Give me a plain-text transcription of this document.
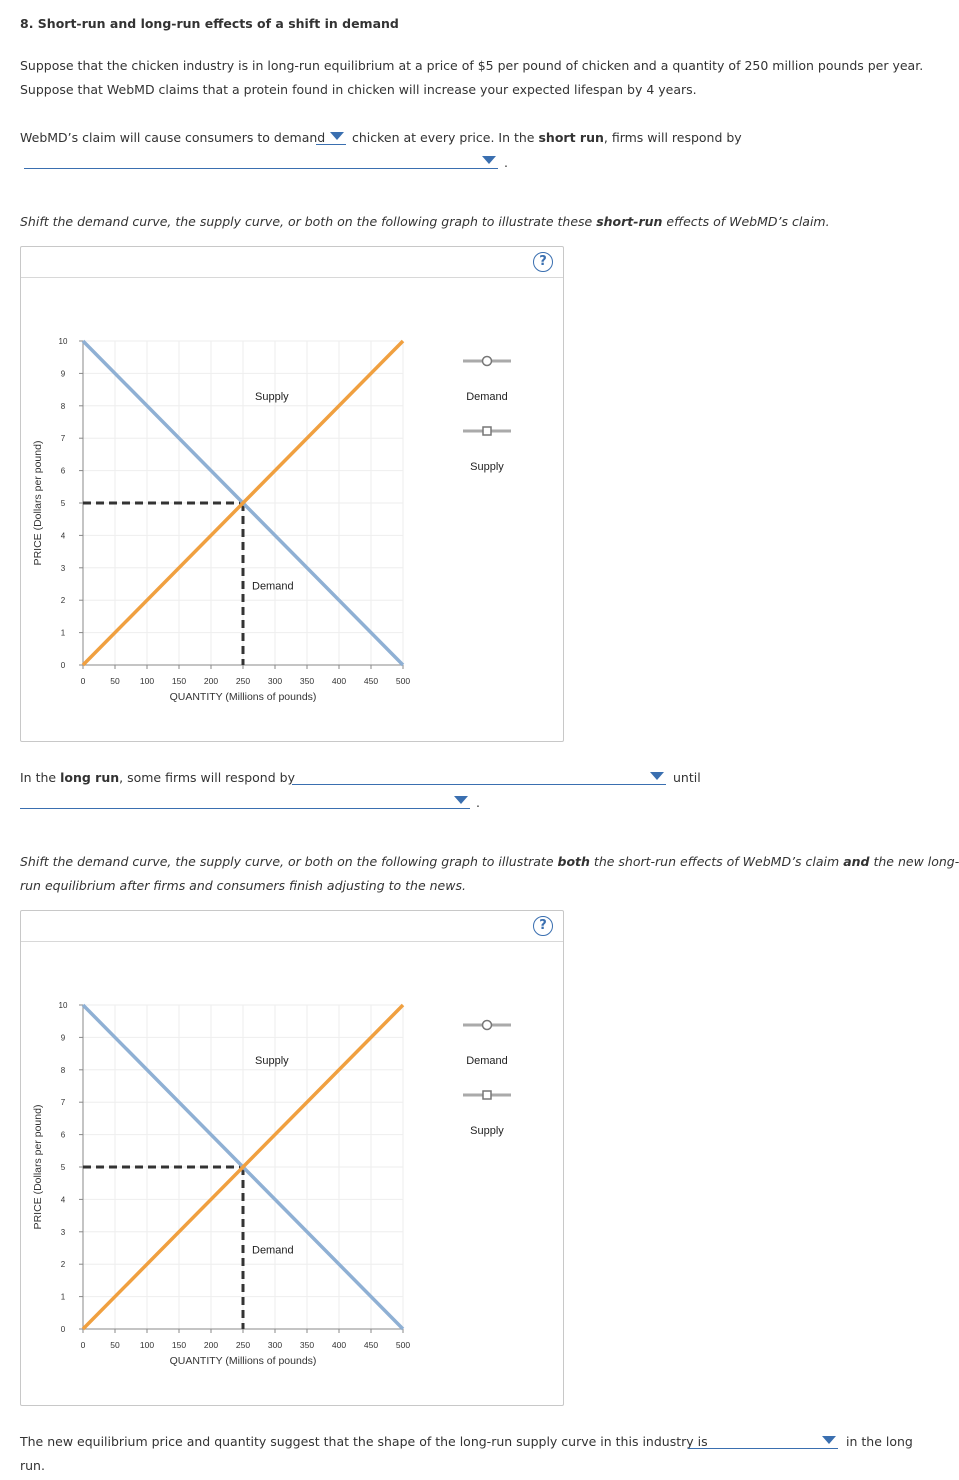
8. Short-run and long-run effects of a shift in demand
Suppose that the chicken industry is in long-run equilibrium at a price of $5 per pound of chicken and a quantity of 250 million pounds per year.
Suppose that WebMD claims that a protein found in chicken will increase your expected lifespan by 4 years.
WebMD’s claim will cause consumers to demand chicken at every price. In the short run, firms will respond by
.
Shift the demand curve, the supply curve, or both on the following graph to illustrate these short-run effects of WebMD’s claim.
?
0
1
2
3
4
5
6
7
8
9
10
0	50 100 150 200 250 300 350 400 450 500
QUANTITY (Millions of pounds)
PRICE (Dollars per pound)
Supply
Demand
Demand
Supply
In the long run, some firms will respond by	until
.
Shift the demand curve, the supply curve, or both on the following graph to illustrate both the short-run effects of WebMD’s claim and the new long-
run equilibrium after firms and consumers finish adjusting to the news.
?
0
1
2
3
4
5
6
7
8
9
10
0	50 100 150 200 250 300 350 400 450 500
QUANTITY (Millions of pounds)
PRICE (Dollars per pound)
Supply
Demand
Demand
Supply
The new equilibrium price and quantity suggest that the shape of the long-run supply curve in this industry is	in the long
run.
